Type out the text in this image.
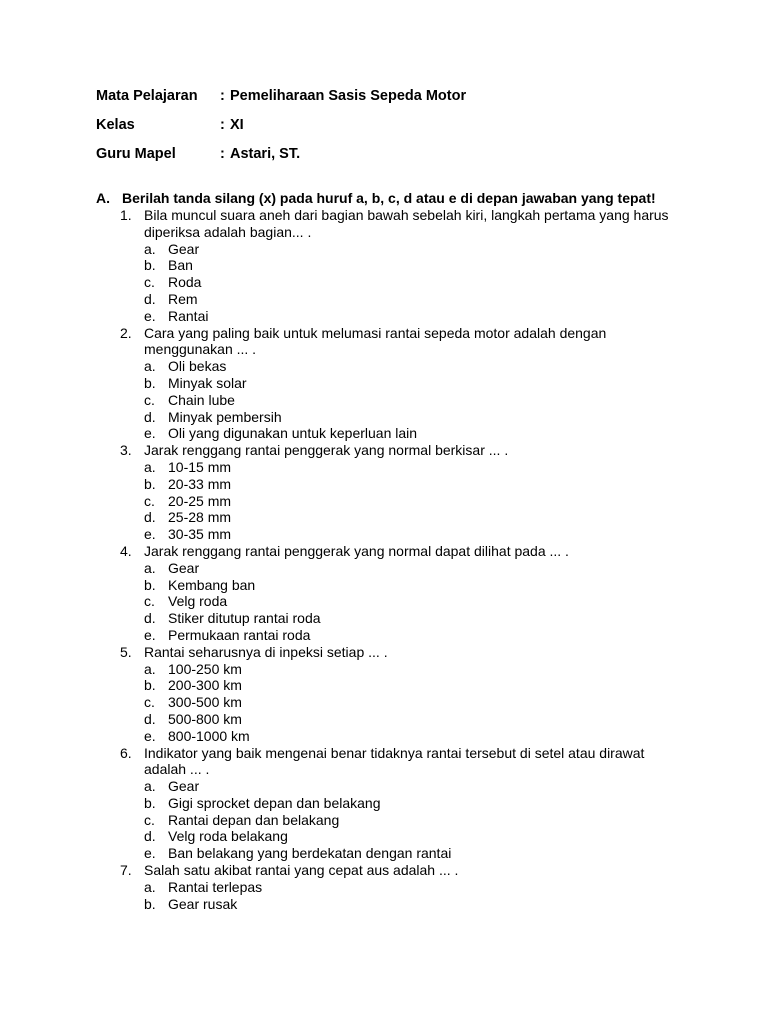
Mata Pelajaran	: Pemeliharaan Sasis Sepeda Motor
Kelas	: XI
Guru Mapel	: Astari, ST.
A. Berilah tanda silang (x) pada huruf a, b, c, d atau e di depan jawaban yang tepat!
1. Bila muncul suara aneh dari bagian bawah sebelah kiri, langkah pertama yang harus diperiksa adalah bagian... .
a. Gear
b. Ban
c. Roda
d. Rem
e. Rantai
2. Cara yang paling baik untuk melumasi rantai sepeda motor adalah dengan menggunakan ... .
a. Oli bekas
b. Minyak solar
c. Chain lube
d. Minyak pembersih
e. Oli yang digunakan untuk keperluan lain
3. Jarak renggang rantai penggerak yang normal berkisar ... .
a. 10-15 mm
b. 20-33 mm
c. 20-25 mm
d. 25-28 mm
e. 30-35 mm
4. Jarak renggang rantai penggerak yang normal dapat dilihat pada ... .
a. Gear
b. Kembang ban
c. Velg roda
d. Stiker ditutup rantai roda
e. Permukaan rantai roda
5. Rantai seharusnya di inpeksi setiap ... .
a. 100-250 km
b. 200-300 km
c. 300-500 km
d. 500-800 km
e. 800-1000 km
6. Indikator yang baik mengenai benar tidaknya rantai tersebut di setel atau dirawat adalah ... .
a. Gear
b. Gigi sprocket depan dan belakang
c. Rantai depan dan belakang
d. Velg roda belakang
e. Ban belakang yang berdekatan dengan rantai
7. Salah satu akibat rantai yang cepat aus adalah ... .
a. Rantai terlepas
b. Gear rusak
